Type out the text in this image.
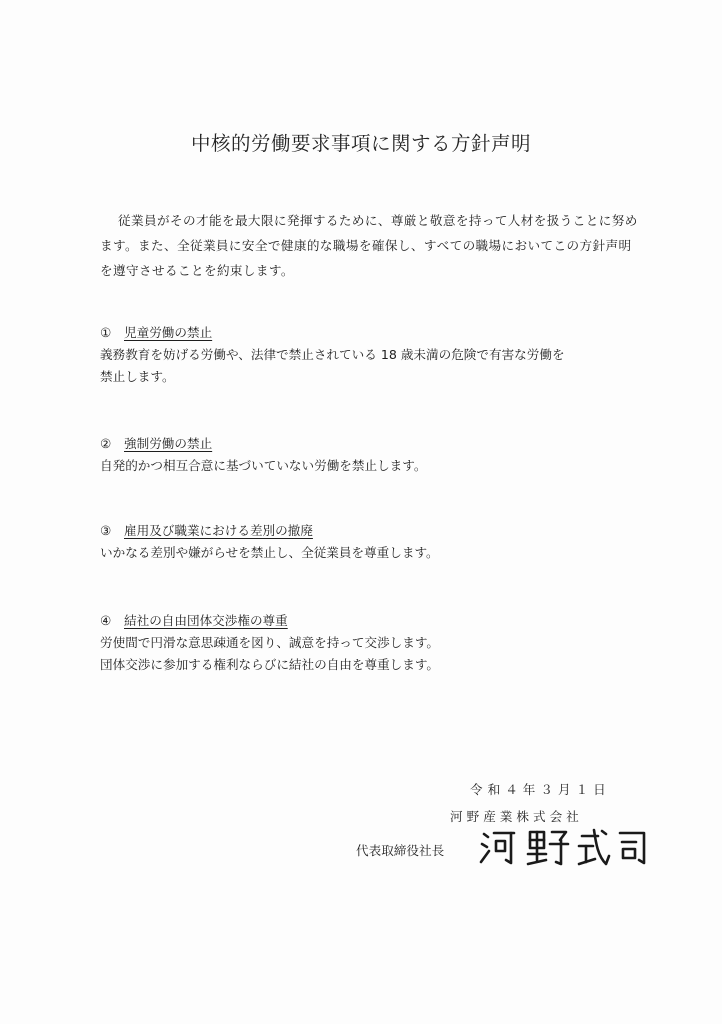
中核的労働要求事項に関する方針声明

従業員がその才能を最大限に発揮するために、尊厳と敬意を持って人材を扱うことに努めます。また、全従業員に安全で健康的な職場を確保し、すべての職場においてこの方針声明を遵守させることを約束します。

① 児童労働の禁止
義務教育を妨げる労働や、法律で禁止されている 18 歳未満の危険で有害な労働を
禁止します。
② 強制労働の禁止
自発的かつ相互合意に基づいていない労働を禁止します。
③ 雇用及び職業における差別の撤廃
いかなる差別や嫌がらせを禁止し、全従業員を尊重します。
④ 結社の自由団体交渉権の尊重
労使間で円滑な意思疎通を図り、誠意を持って交渉します。
団体交渉に参加する権利ならびに結社の自由を尊重します。
令和４年３月１日
河野産業株式会社
代表取締役社長
